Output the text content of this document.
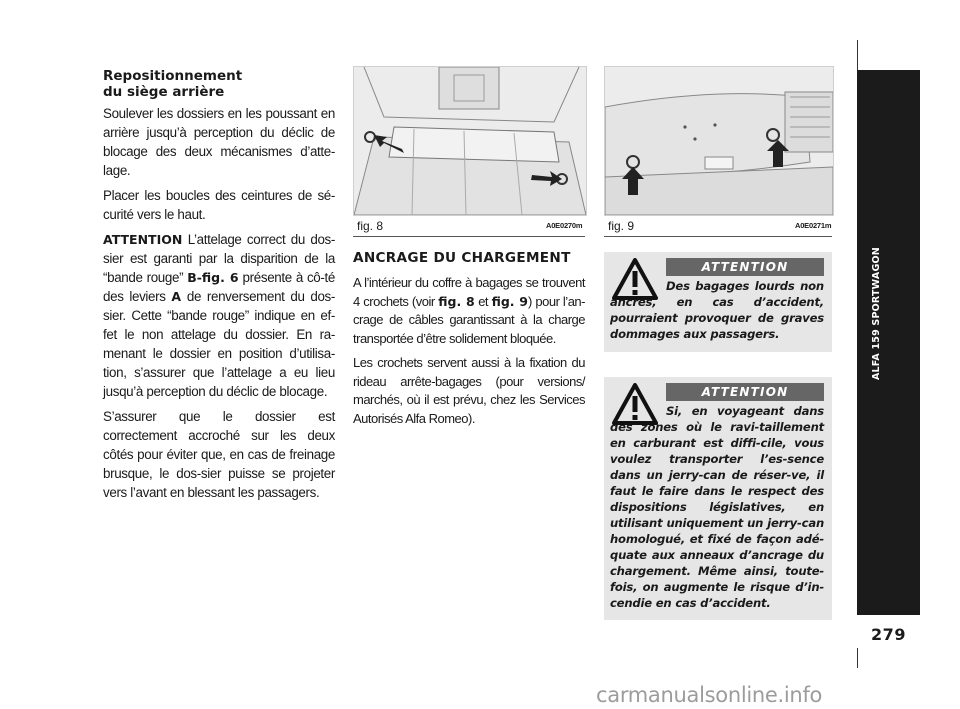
Repositionnement
du siège arrière

Soulever les dossiers en les poussant en arrière jusqu’à perception du déclic de blocage des deux mécanismes d’atte-lage.

Placer les boucles des ceintures de sé-curité vers le haut.

ATTENTION L’attelage correct du dos-sier est garanti par la disparition de la “bande rouge” B-fig. 6 présente à cô-té des leviers A de renversement du dos-sier. Cette “bande rouge” indique en ef-fet le non attelage du dossier. En ra-menant le dossier en position d’utilisa-tion, s’assurer que l’attelage a eu lieu jusqu’à perception du déclic de blocage.

S’assurer que le dossier est correctement accroché sur les deux côtés pour éviter que, en cas de freinage brusque, le dos-sier puisse se projeter vers l’avant en blessant les passagers.

fig. 8	A0E0270m fig. 9	A0E0271m
ANCRAGE DU CHARGEMENT

A l’intérieur du coffre à bagages se trouvent 4 crochets (voir fig. 8 et fig. 9) pour l’an-crage de câbles garantissant à la charge transportée d’être solidement bloquée.

Les crochets servent aussi à la fixation du rideau arrête-bagages (pour versions/ marchés, où il est prévu, chez les Services Autorisés Alfa Romeo).

ATTENTION
Des bagages lourds non ancrés, en cas d’accident, pourraient provoquer de graves dommages aux passagers.
ATTENTION
Si, en voyageant dans des zones où le ravi-taillement en carburant est diffi-cile, vous voulez transporter l’es-sence dans un jerry-can de réser-ve, il faut le faire dans le respect des dispositions législatives, en utilisant uniquement un jerry-can homologué, et fixé de façon adé-quate aux anneaux d’ancrage du chargement. Même ainsi, toute-fois, on augmente le risque d’in-cendie en cas d’accident.
ALFA 159 SPORTWAGON
279
carmanualsonline.info
